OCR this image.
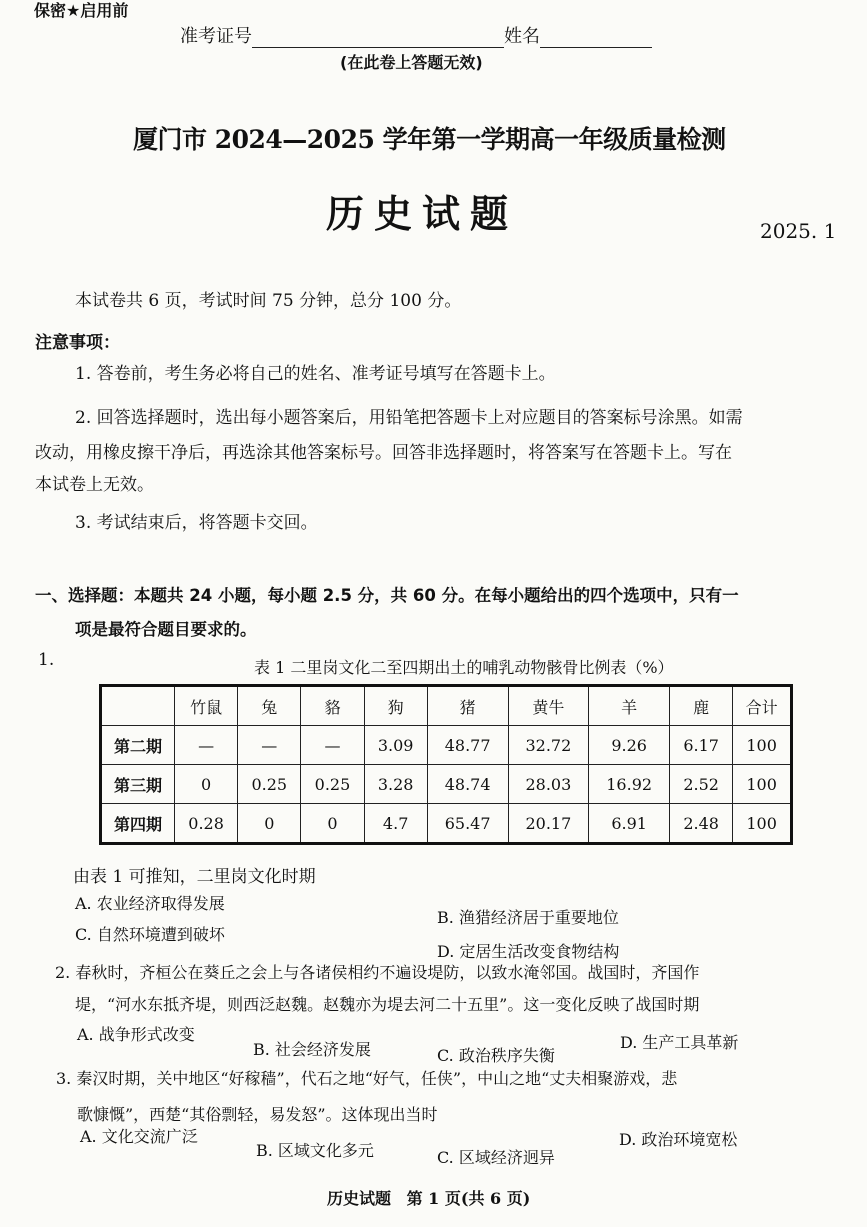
保密★启用前
准考证号	姓名
(在此卷上答题无效)
厦门市 2024—2025 学年第一学期高一年级质量检测
历史试题	2025. 1
本试卷共 6 页，考试时间 75 分钟，总分 100 分。
注意事项：
1. 答卷前，考生务必将自己的姓名、准考证号填写在答题卡上。
2. 回答选择题时，选出每小题答案后，用铅笔把答题卡上对应题目的答案标号涂黑。如需
改动，用橡皮擦干净后，再选涂其他答案标号。回答非选择题时，将答案写在答题卡上。写在
本试卷上无效。
3. 考试结束后，将答题卡交回。
一、选择题：本题共 24 小题，每小题 2.5 分，共 60 分。在每小题给出的四个选项中，只有一
项是最符合题目要求的。
1.	表 1 二里岗文化二至四期出土的哺乳动物骸骨比例表（%）
	竹鼠	兔	貉	狗	猪	黄牛	羊	鹿	合计
第二期	—	—	—	3.09	48.77	32.72	9.26	6.17	100
第三期	0	0.25	0.25	3.28	48.74	28.03	16.92	2.52	100
第四期	0.28	0	0	4.7	65.47	20.17	6.91	2.48	100
由表 1 可推知，二里岗文化时期
A. 农业经济取得发展
B. 渔猎经济居于重要地位
C. 自然环境遭到破坏
D. 定居生活改变食物结构
2. 春秋时，齐桓公在葵丘之会上与各诸侯相约不遍设堤防，以致水淹邻国。战国时，齐国作
堤，“河水东抵齐堤，则西泛赵魏。赵魏亦为堤去河二十五里”。这一变化反映了战国时期
A. 战争形式改变
B. 社会经济发展	C. 政治秩序失衡
D. 生产工具革新
3. 秦汉时期，关中地区“好稼穑”，代石之地“好气，任侠”，中山之地“丈夫相聚游戏，悲
歌慷慨”，西楚“其俗剽轻，易发怒”。这体现出当时
A. 文化交流广泛
B. 区域文化多元	C. 区域经济迥异
D. 政治环境宽松
历史试题 第 1 页(共 6 页)
